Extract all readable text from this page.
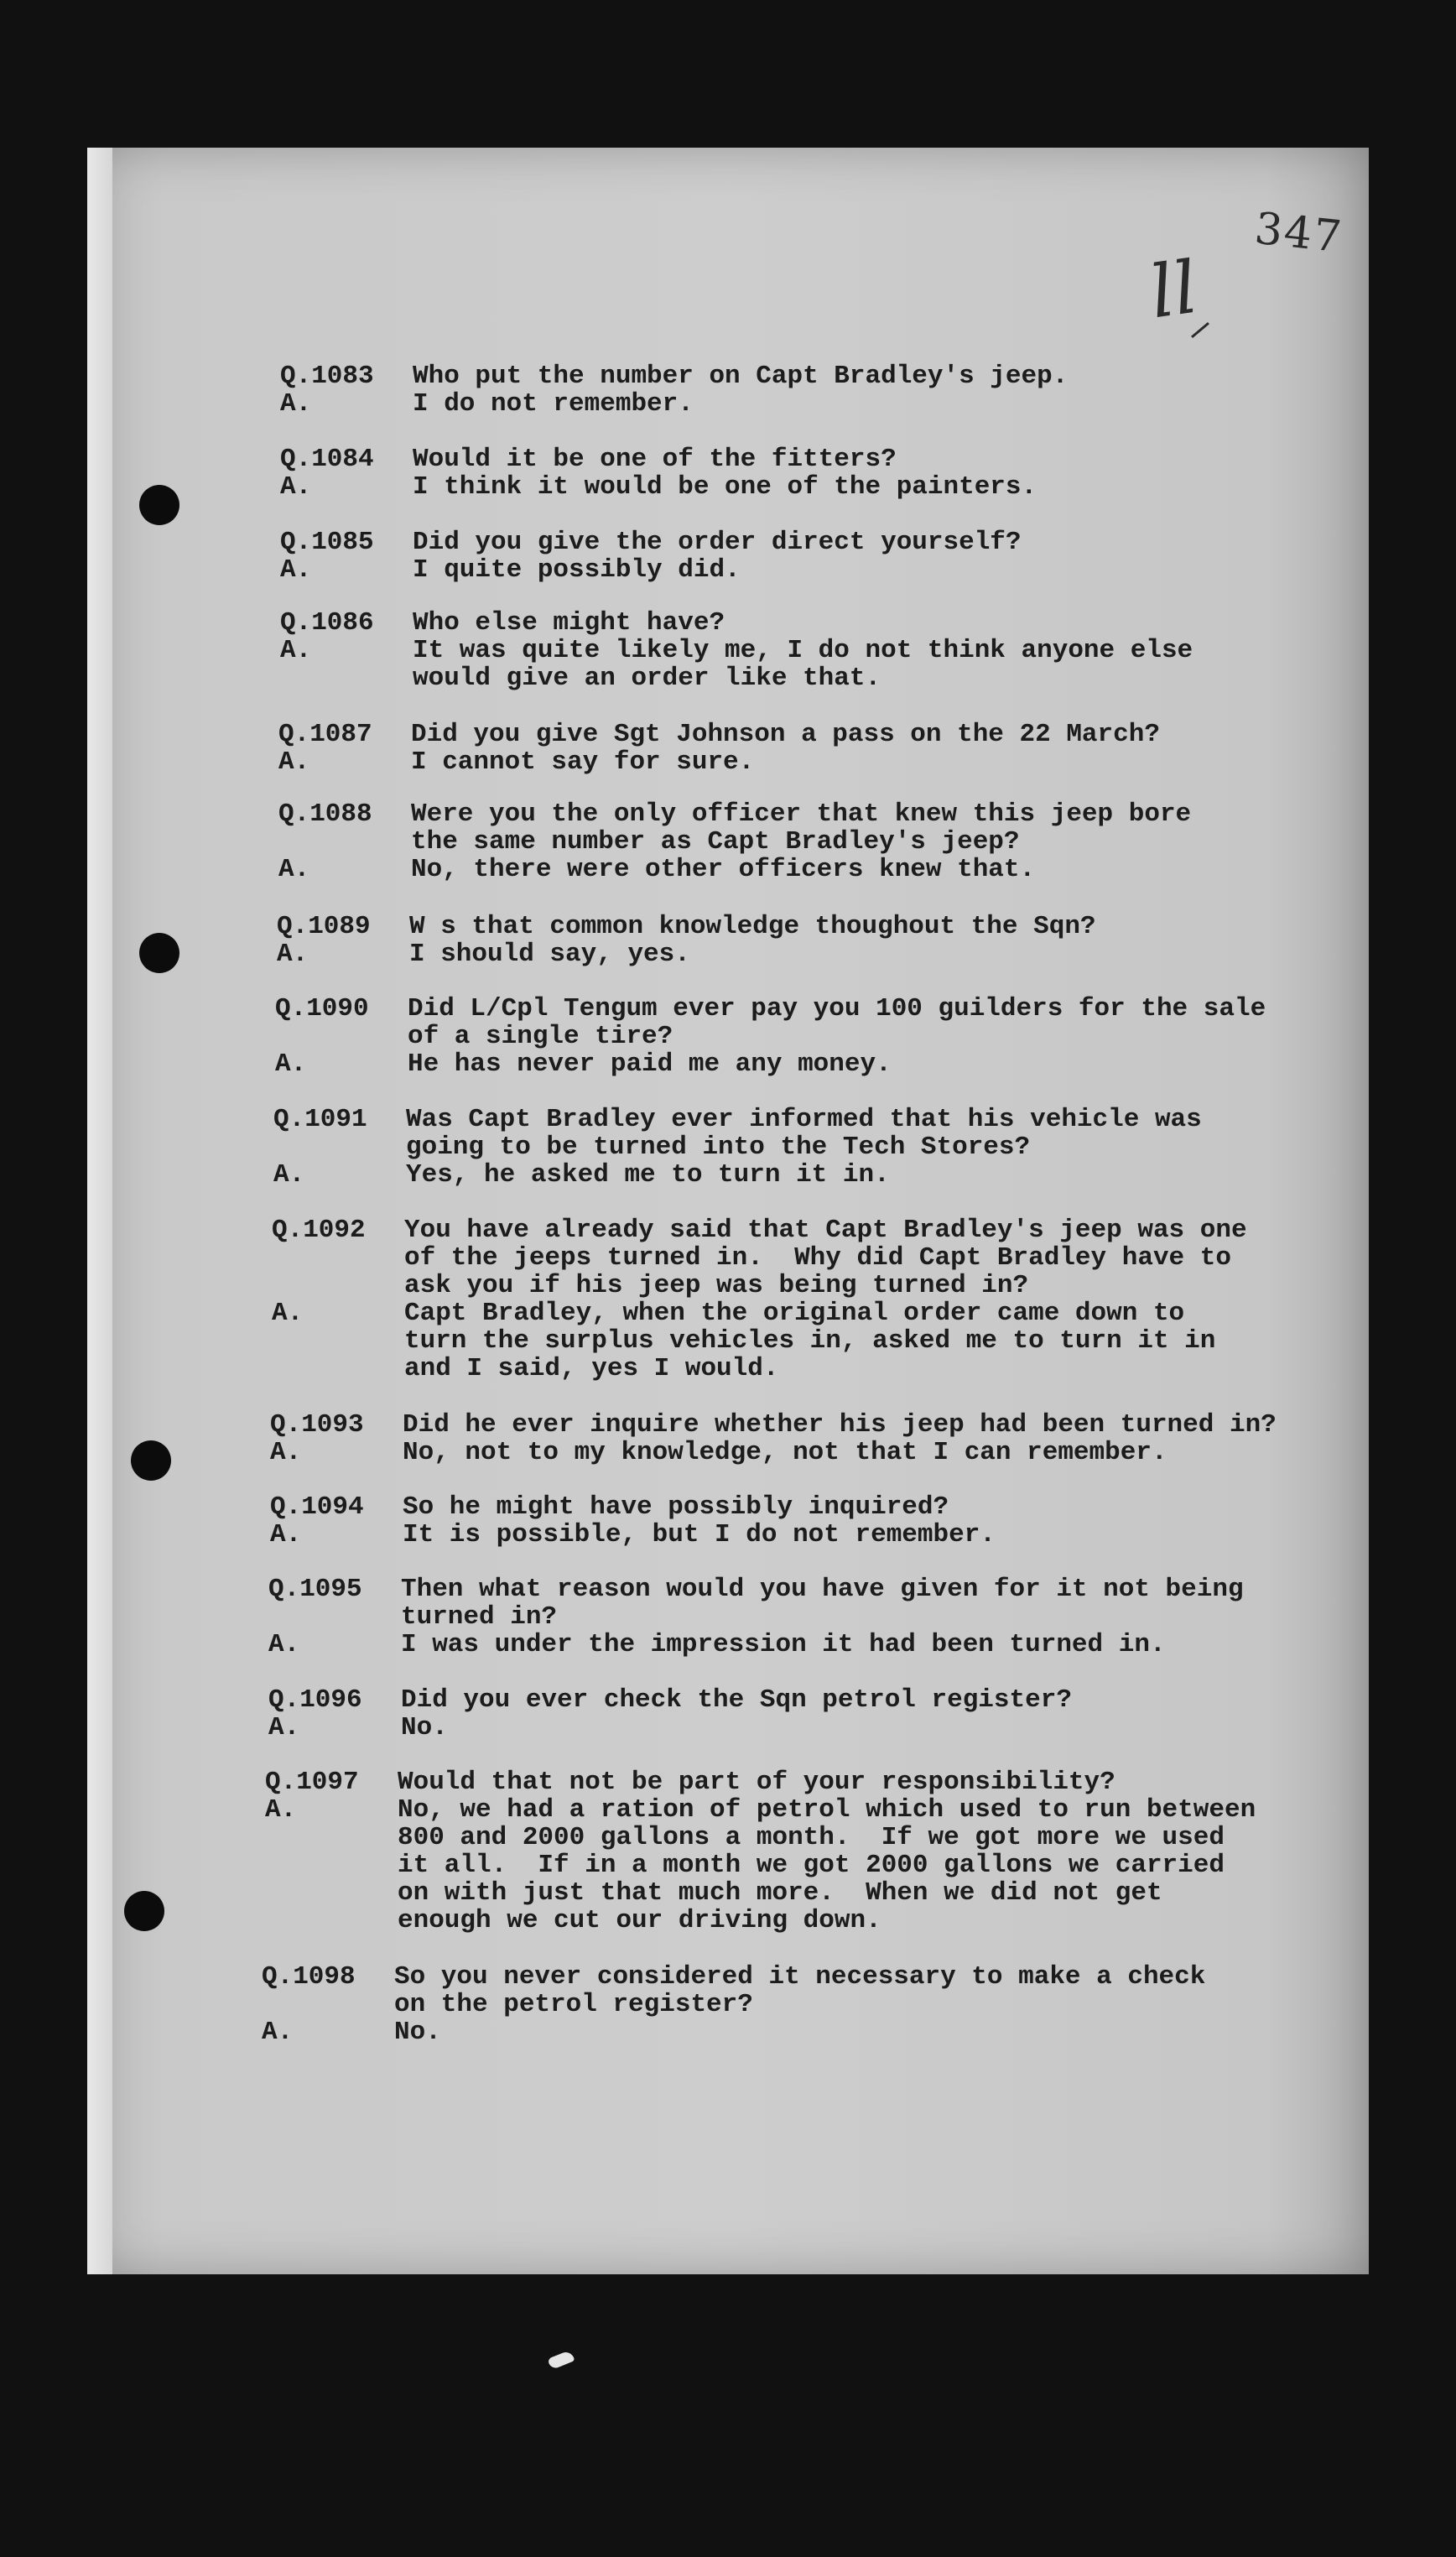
347
ll
Q.1083	Who put the number on Capt Bradley's jeep.
A.	I do not remember.
Q.1084	Would it be one of the fitters?
A.	I think it would be one of the painters.
Q.1085	Did you give the order direct yourself?
A.	I quite possibly did.
Q.1086	Who else might have?
A.	It was quite likely me, I do not think anyone else
would give an order like that.
Q.1087	Did you give Sgt Johnson a pass on the 22 March?
A.	I cannot say for sure.
Q.1088	Were you the only officer that knew this jeep bore
the same number as Capt Bradley's jeep?
A.	No, there were other officers knew that.
Q.1089	W s that common knowledge thoughout the Sqn?
A.	I should say, yes.
Q.1090	Did L/Cpl Tengum ever pay you 100 guilders for the sale
of a single tire?
A.	He has never paid me any money.
Q.1091	Was Capt Bradley ever informed that his vehicle was
going to be turned into the Tech Stores?
A.	Yes, he asked me to turn it in.
Q.1092	You have already said that Capt Bradley's jeep was one
of the jeeps turned in.  Why did Capt Bradley have to
ask you if his jeep was being turned in?
A.	Capt Bradley, when the original order came down to
turn the surplus vehicles in, asked me to turn it in
and I said, yes I would.
Q.1093	Did he ever inquire whether his jeep had been turned in?
A.	No, not to my knowledge, not that I can remember.
Q.1094	So he might have possibly inquired?
A.	It is possible, but I do not remember.
Q.1095	Then what reason would you have given for it not being
turned in?
A.	I was under the impression it had been turned in.
Q.1096	Did you ever check the Sqn petrol register?
A.	No.
Q.1097	Would that not be part of your responsibility?
A.	No, we had a ration of petrol which used to run between
800 and 2000 gallons a month.  If we got more we used
it all.  If in a month we got 2000 gallons we carried
on with just that much more.  When we did not get
enough we cut our driving down.
Q.1098	So you never considered it necessary to make a check
on the petrol register?
A.	No.
